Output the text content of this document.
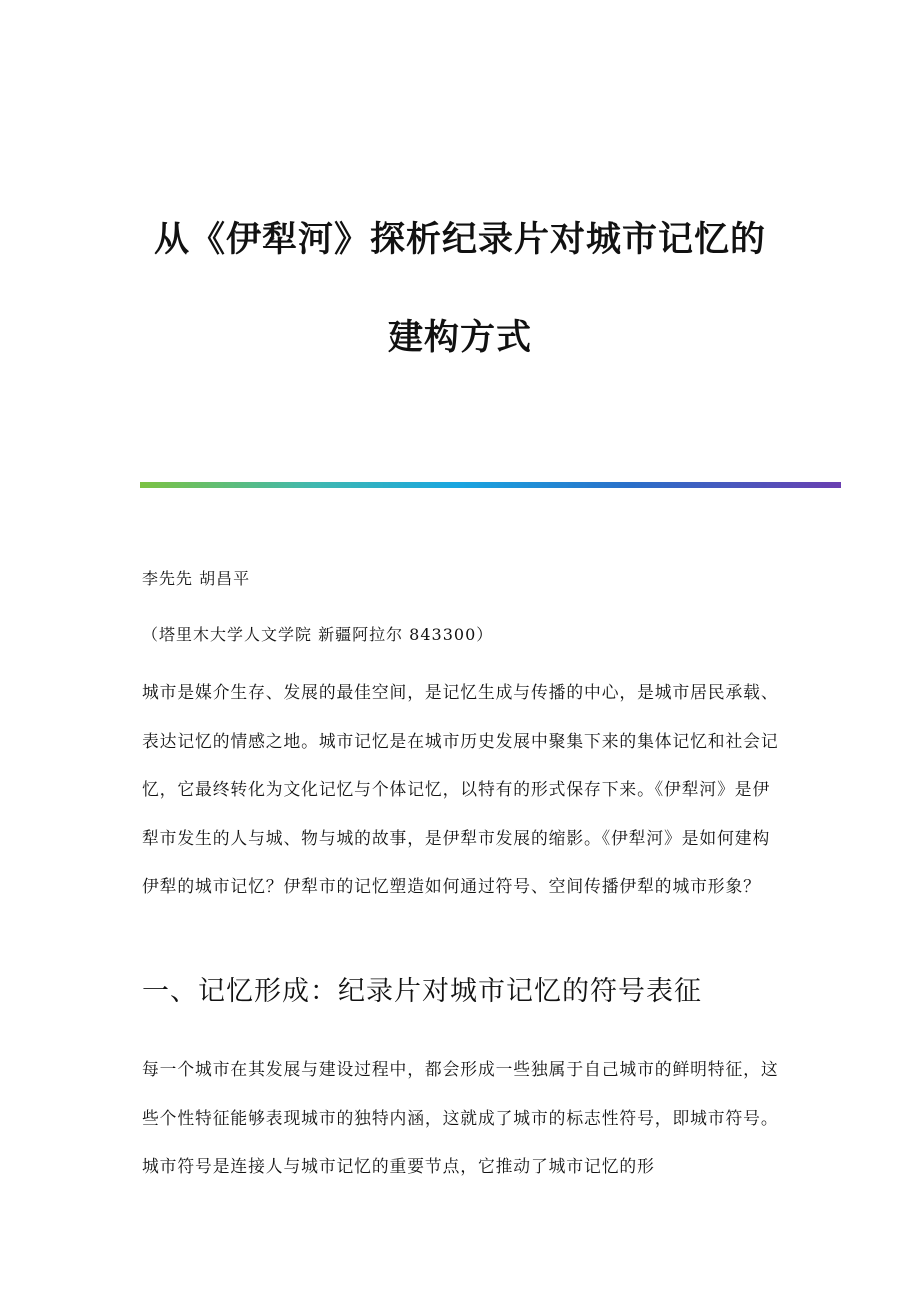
从《伊犁河》探析纪录片对城市记忆的
建构方式

李先先 胡昌平

（塔里木大学人文学院 新疆阿拉尔 843300）

城市是媒介生存、发展的最佳空间，是记忆生成与传播的中心，是城市居民承载、表达记忆的情感之地。城市记忆是在城市历史发展中聚集下来的集体记忆和社会记忆，它最终转化为文化记忆与个体记忆，以特有的形式保存下来。《伊犁河》是伊犁市发生的人与城、物与城的故事，是伊犁市发展的缩影。《伊犁河》是如何建构伊犁的城市记忆？伊犁市的记忆塑造如何通过符号、空间传播伊犁的城市形象？

一、记忆形成：纪录片对城市记忆的符号表征

每一个城市在其发展与建设过程中，都会形成一些独属于自己城市的鲜明特征，这些个性特征能够表现城市的独特内涵，这就成了城市的标志性符号，即城市符号。城市符号是连接人与城市记忆的重要节点，它推动了城市记忆的形
